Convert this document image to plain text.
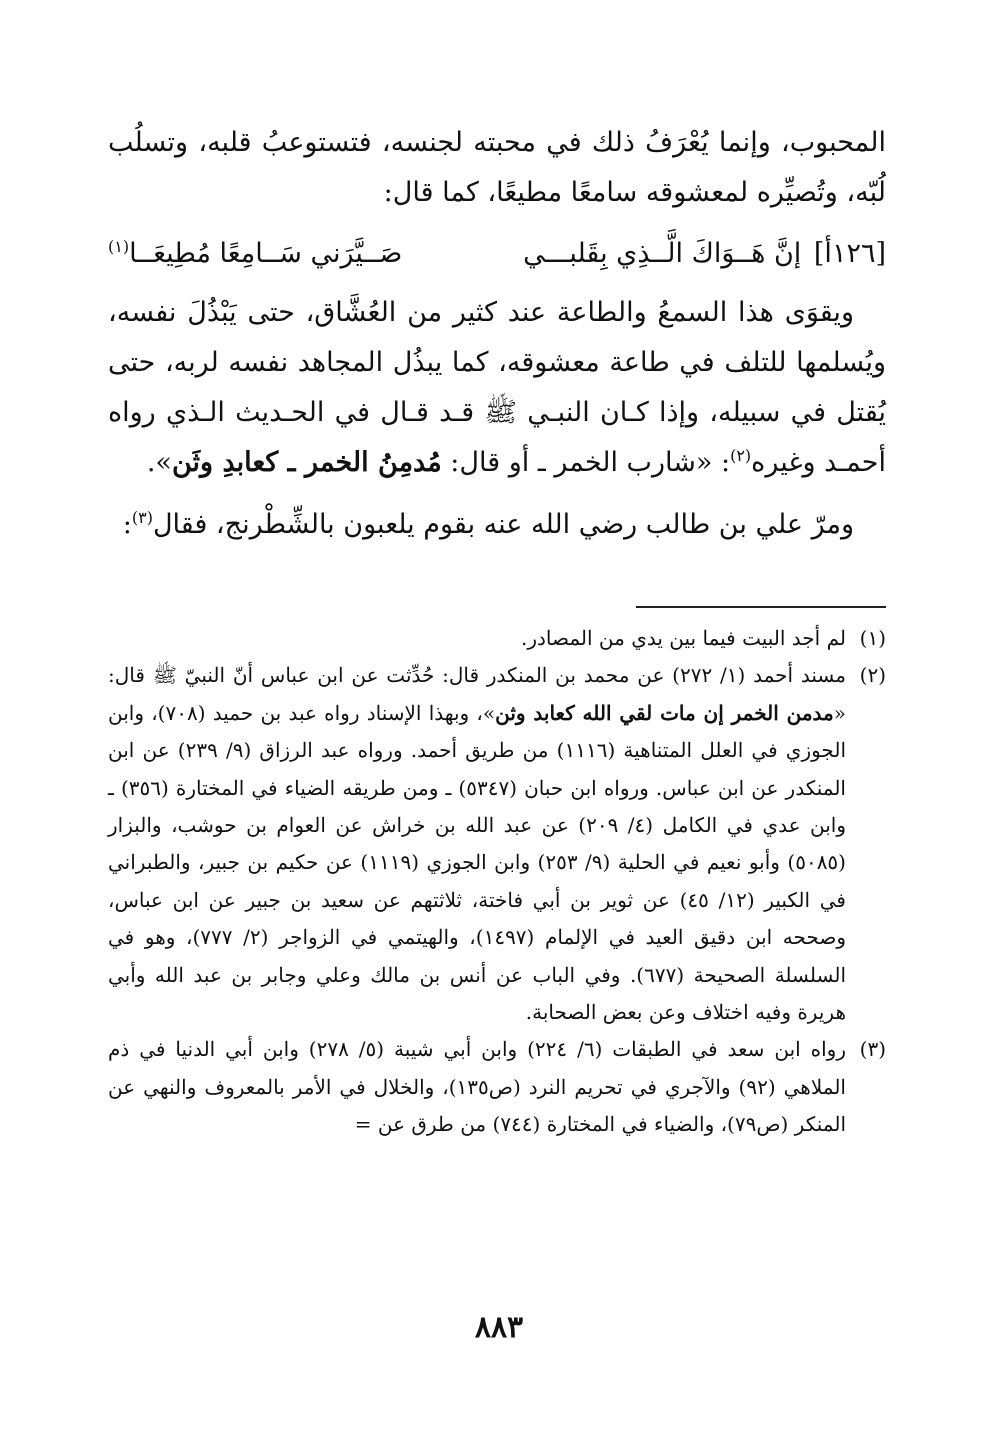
المحبوب، وإنما يُعْرَفُ ذلك في محبته لجنسه، فتستوعبُ قلبه، وتسلُب لُبّه، وتُصيِّره لمعشوقه سامعًا مطيعًا، كما قال:

[١٢٦أ] إنَّ هَــوَاكَ الَّــذِي بِقَلبـــي
صَــيَّرَني سَــامِعًا مُطِيعَــا$^{(١)}$

ويقوَى هذا السمعُ والطاعة عند كثير من العُشَّاق، حتى يَبْذُلَ نفسه، ويُسلمها للتلف في طاعة معشوقه، كما يبذُل المجاهد نفسه لربه، حتى يُقتل في سبيله، وإذا كـان النبـي ﷺ قـد قـال في الحـديث الـذي رواه أحمـد وغيره$^{(٢)}$: «شارب الخمر ـ أو قال: مُدمِنُ الخمر ـ كعابدِ وثَن».

ومرّ علي بن طالب رضي الله عنه بقوم يلعبون بالشِّطْرنج، فقال$^{(٣)}$:

(١)
لم أجد البيت فيما بين يدي من المصادر.
(٢)
مسند أحمد (١/ ٢٧٢) عن محمد بن المنكدر قال: حُدِّثت عن ابن عباس أنّ النبيّ ﷺ قال: «مدمن الخمر إن مات لقي الله كعابد وثن»، وبهذا الإسناد رواه عبد بن حميد (٧٠٨)، وابن الجوزي في العلل المتناهية (١١١٦) من طريق أحمد. ورواه عبد الرزاق (٩/ ٢٣٩) عن ابن المنكدر عن ابن عباس. ورواه ابن حبان (٥٣٤٧) ـ ومن طريقه الضياء في المختارة (٣٥٦) ـ وابن عدي في الكامل (٤/ ٢٠٩) عن عبد الله بن خراش عن العوام بن حوشب، والبزار (٥٠٨٥) وأبو نعيم في الحلية (٩/ ٢٥٣) وابن الجوزي (١١١٩) عن حكيم بن جبير، والطبراني في الكبير (١٢/ ٤٥) عن ثوير بن أبي فاختة، ثلاثتهم عن سعيد بن جبير عن ابن عباس، وصححه ابن دقيق العيد في الإلمام (١٤٩٧)، والهيتمي في الزواجر (٢/ ٧٧٧)، وهو في السلسلة الصحيحة (٦٧٧). وفي الباب عن أنس بن مالك وعلي وجابر بن عبد الله وأبي هريرة وفيه اختلاف وعن بعض الصحابة.
(٣)
رواه ابن سعد في الطبقات (٦/ ٢٢٤) وابن أبي شيبة (٥/ ٢٧٨) وابن أبي الدنيا في ذم الملاهي (٩٢) والآجري في تحريم النرد (ص١٣٥)، والخلال في الأمر بالمعروف والنهي عن المنكر (ص٧٩)، والضياء في المختارة (٧٤٤) من طرق عن =
٨٨٣
